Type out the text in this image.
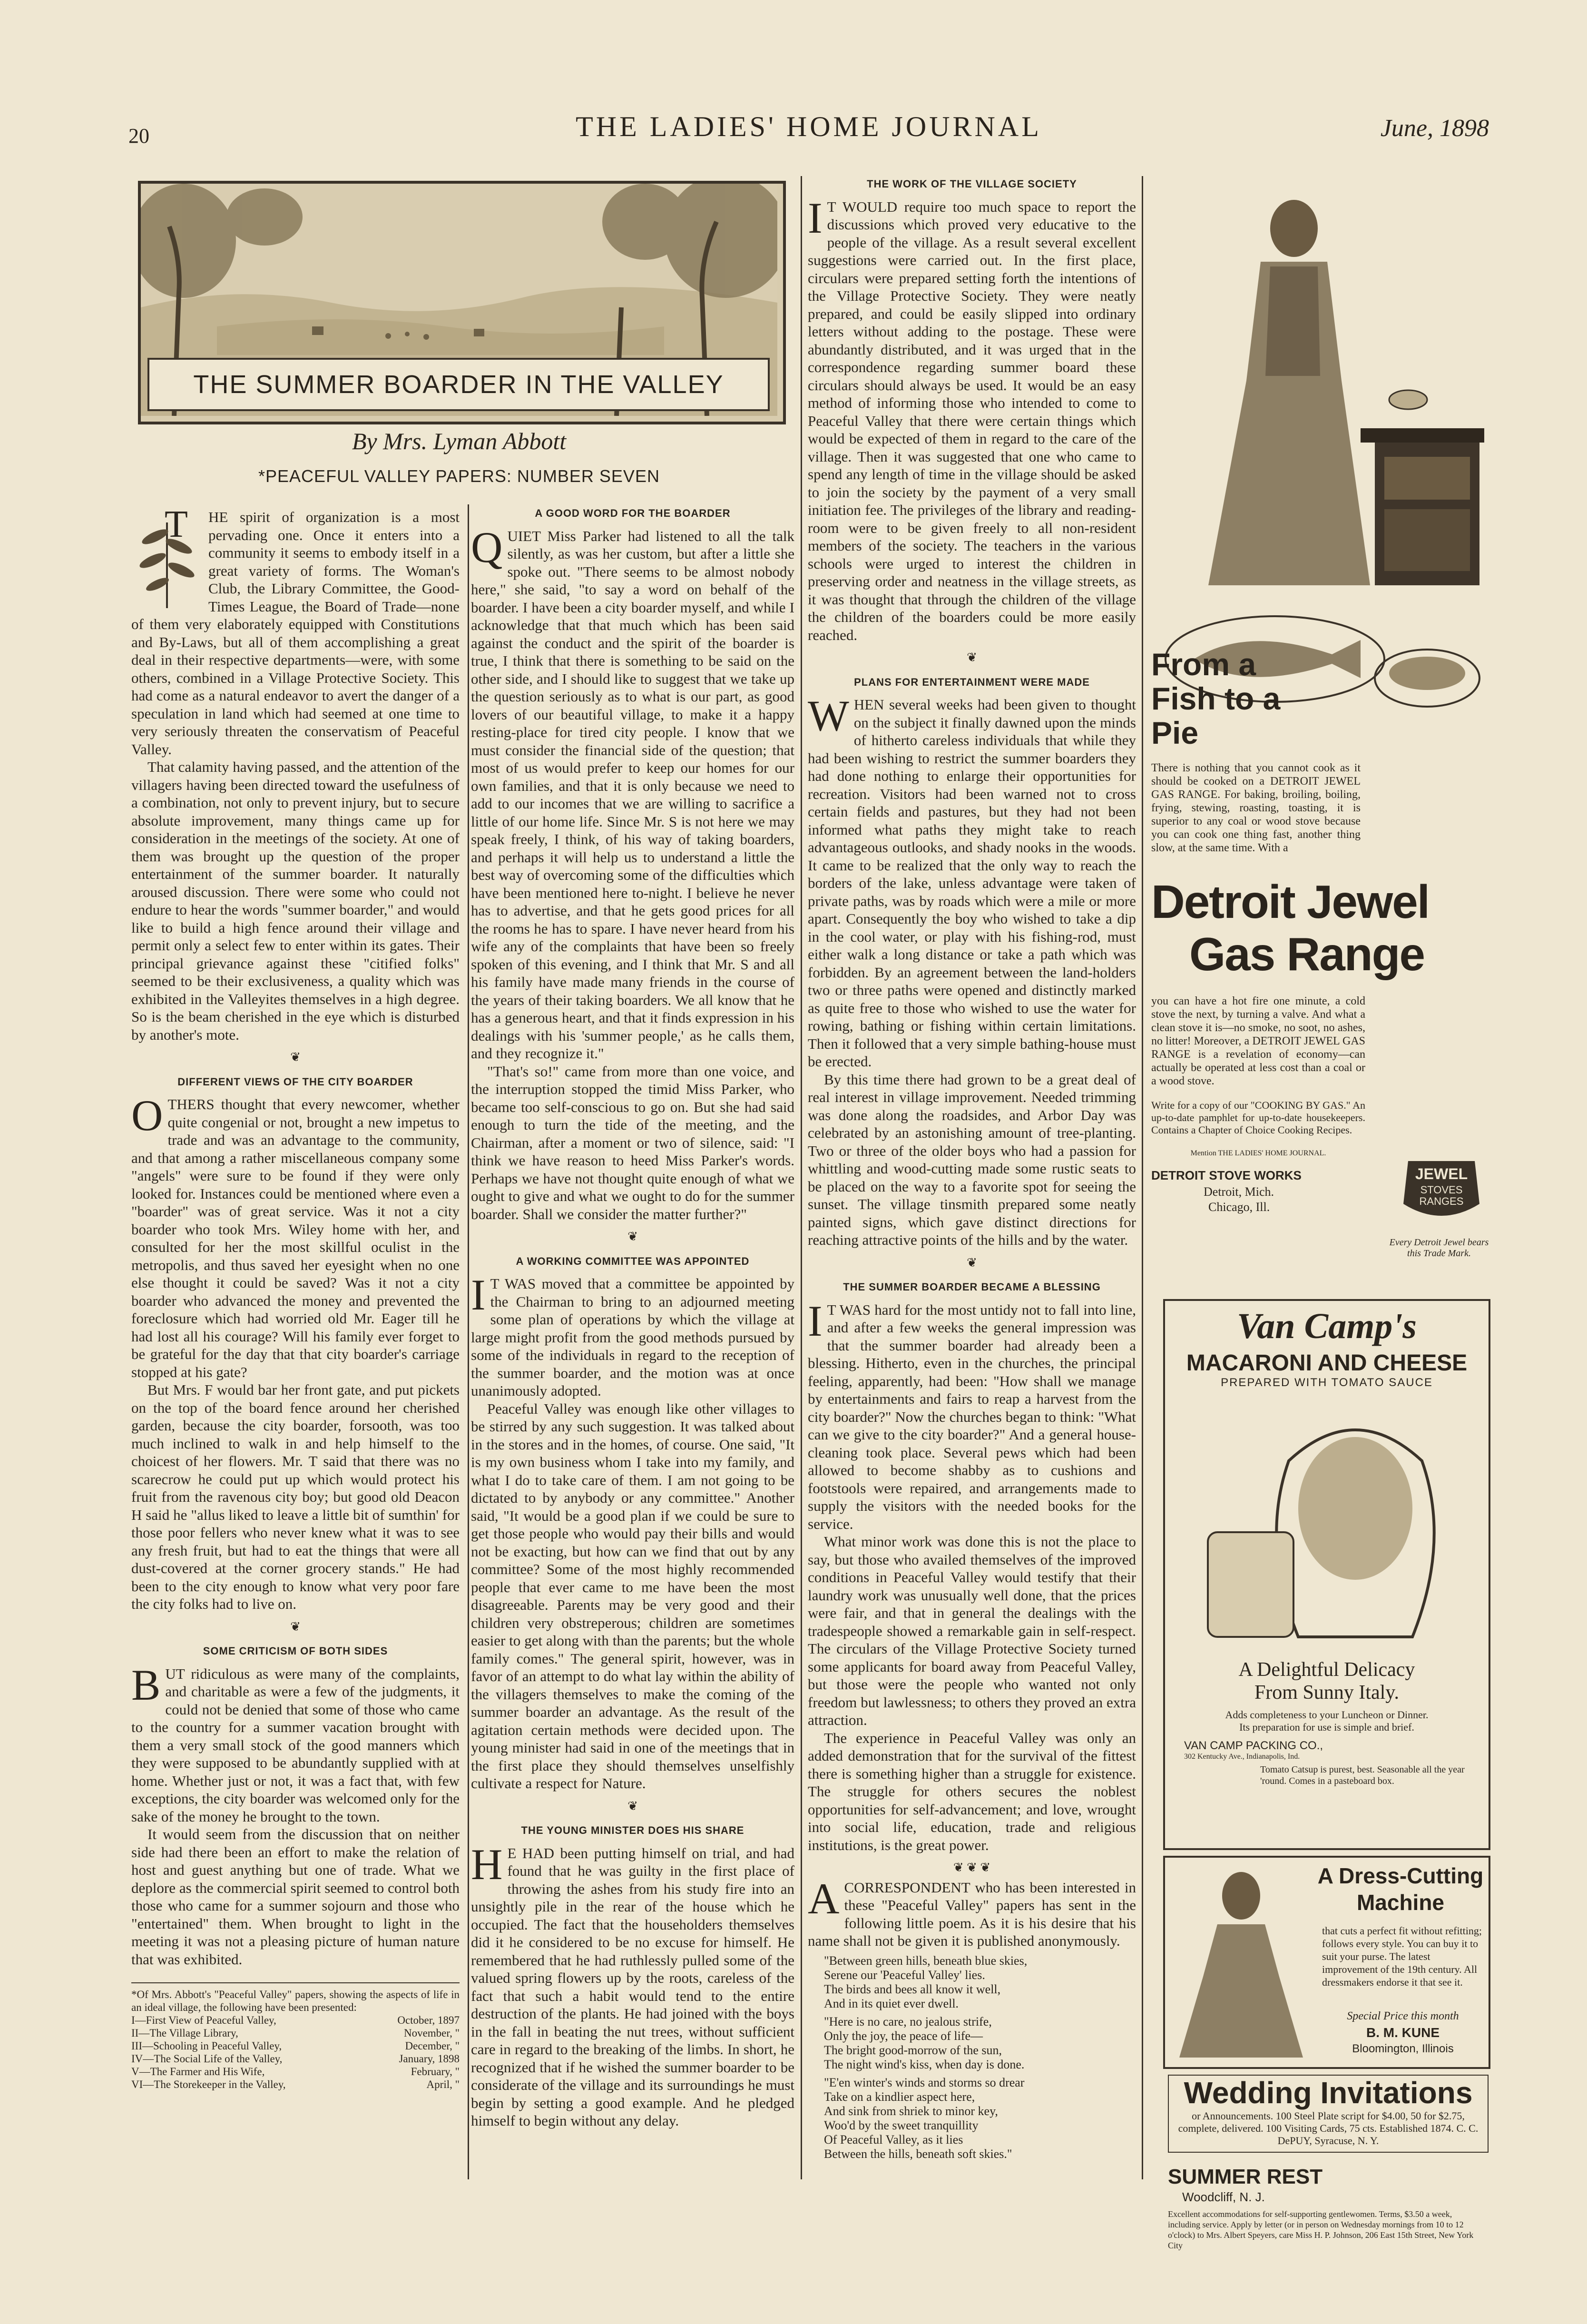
20	THE LADIES' HOME JOURNAL	June, 1898
THE SUMMER BOARDER IN THE VALLEY
By Mrs. Lyman Abbott
*PEACEFUL VALLEY PAPERS: NUMBER SEVEN
T	HE spirit of organization is a most pervading one. Once it enters into a community it seems to embody itself in a great variety of forms. The Woman's Club, the Library Committee, the Good-Times League, the Board of Trade—none of them very elaborately equipped with Constitutions and By-Laws, but all of them accomplishing a great deal in their respective departments—were, with some others, combined in a Village Protective Society. This had come as a natural endeavor to avert the danger of a speculation in land which had seemed at one time to very seriously threaten the conservatism of Peaceful Valley.

That calamity having passed, and the attention of the villagers having been directed toward the usefulness of a combination, not only to prevent injury, but to secure absolute improvement, many things came up for consideration in the meetings of the society. At one of them was brought up the question of the proper entertainment of the summer boarder. It naturally aroused discussion. There were some who could not endure to hear the words "summer boarder," and would like to build a high fence around their village and permit only a select few to enter within its gates. Their principal grievance against these "citified folks" seemed to be their exclusiveness, a quality which was exhibited in the Valleyites themselves in a high degree. So is the beam cherished in the eye which is disturbed by another's mote.

❦
DIFFERENT VIEWS OF THE CITY BOARDER

OTHERS thought that every newcomer, whether quite congenial or not, brought a new impetus to trade and was an advantage to the community, and that among a rather miscellaneous company some "angels" were sure to be found if they were only looked for. Instances could be mentioned where even a "boarder" was of great service. Was it not a city boarder who took Mrs. Wiley home with her, and consulted for her the most skillful oculist in the metropolis, and thus saved her eyesight when no one else thought it could be saved? Was it not a city boarder who advanced the money and prevented the foreclosure which had worried old Mr. Eager till he had lost all his courage? Will his family ever forget to be grateful for the day that that city boarder's carriage stopped at his gate?

But Mrs. F would bar her front gate, and put pickets on the top of the board fence around her cherished garden, because the city boarder, forsooth, was too much inclined to walk in and help himself to the choicest of her flowers. Mr. T said that there was no scarecrow he could put up which would protect his fruit from the ravenous city boy; but good old Deacon H said he "allus liked to leave a little bit of sumthin' for those poor fellers who never knew what it was to see any fresh fruit, but had to eat the things that were all dust-covered at the corner grocery stands." He had been to the city enough to know what very poor fare the city folks had to live on.

❦
SOME CRITICISM OF BOTH SIDES

BUT ridiculous as were many of the complaints, and charitable as were a few of the judgments, it could not be denied that some of those who came to the country for a summer vacation brought with them a very small stock of the good manners which they were supposed to be abundantly supplied with at home. Whether just or not, it was a fact that, with few exceptions, the city boarder was welcomed only for the sake of the money he brought to the town.

It would seem from the discussion that on neither side had there been an effort to make the relation of host and guest anything but one of trade. What we deplore as the commercial spirit seemed to control both those who came for a summer sojourn and those who "entertained" them. When brought to light in the meeting it was not a pleasing picture of human nature that was exhibited.

*Of Mrs. Abbott's "Peaceful Valley" papers, showing the aspects of life in an ideal village, the following have been presented:
I—First View of Peaceful Valley,	October, 1897
II—The Village Library,	November, "
III—Schooling in Peaceful Valley,	December, "
IV—The Social Life of the Valley,	January, 1898
V—The Farmer and His Wife,	February, "
VI—The Storekeeper in the Valley,	April, "
A GOOD WORD FOR THE BOARDER

QUIET Miss Parker had listened to all the talk silently, as was her custom, but after a little she spoke out. "There seems to be almost nobody here," she said, "to say a word on behalf of the boarder. I have been a city boarder myself, and while I acknowledge that that much which has been said against the conduct and the spirit of the boarder is true, I think that there is something to be said on the other side, and I should like to suggest that we take up the question seriously as to what is our part, as good lovers of our beautiful village, to make it a happy resting-place for tired city people. I know that we must consider the financial side of the question; that most of us would prefer to keep our homes for our own families, and that it is only because we need to add to our incomes that we are willing to sacrifice a little of our home life. Since Mr. S is not here we may speak freely, I think, of his way of taking boarders, and perhaps it will help us to understand a little the best way of overcoming some of the difficulties which have been mentioned here to-night. I believe he never has to advertise, and that he gets good prices for all the rooms he has to spare. I have never heard from his wife any of the complaints that have been so freely spoken of this evening, and I think that Mr. S and all his family have made many friends in the course of the years of their taking boarders. We all know that he has a generous heart, and that it finds expression in his dealings with his 'summer people,' as he calls them, and they recognize it."

"That's so!" came from more than one voice, and the interruption stopped the timid Miss Parker, who became too self-conscious to go on. But she had said enough to turn the tide of the meeting, and the Chairman, after a moment or two of silence, said: "I think we have reason to heed Miss Parker's words. Perhaps we have not thought quite enough of what we ought to give and what we ought to do for the summer boarder. Shall we consider the matter further?"

❦
A WORKING COMMITTEE WAS APPOINTED

I T WAS moved that a committee be appointed by the Chairman to bring to an adjourned meeting some plan of operations by which the village at large might profit from the good methods pursued by some of the individuals in regard to the reception of the summer boarder, and the motion was at once unanimously adopted.

Peaceful Valley was enough like other villages to be stirred by any such suggestion. It was talked about in the stores and in the homes, of course. One said, "It is my own business whom I take into my family, and what I do to take care of them. I am not going to be dictated to by anybody or any committee." Another said, "It would be a good plan if we could be sure to get those people who would pay their bills and would not be exacting, but how can we find that out by any committee? Some of the most highly recommended people that ever came to me have been the most disagreeable. Parents may be very good and their children very obstreperous; children are sometimes easier to get along with than the parents; but the whole family comes." The general spirit, however, was in favor of an attempt to do what lay within the ability of the villagers themselves to make the coming of the summer boarder an advantage. As the result of the agitation certain methods were decided upon. The young minister had said in one of the meetings that in the first place they should themselves unselfishly cultivate a respect for Nature.

❦
THE YOUNG MINISTER DOES HIS SHARE

H E HAD been putting himself on trial, and had found that he was guilty in the first place of throwing the ashes from his study fire into an unsightly pile in the rear of the house which he occupied. The fact that the householders themselves did it he considered to be no excuse for himself. He remembered that he had ruthlessly pulled some of the valued spring flowers up by the roots, careless of the fact that such a habit would tend to the entire destruction of the plants. He had joined with the boys in the fall in beating the nut trees, without sufficient care in regard to the breaking of the limbs. In short, he recognized that if he wished the summer boarder to be considerate of the village and its surroundings he must begin by setting a good example. And he pledged himself to begin without any delay.

THE WORK OF THE VILLAGE SOCIETY

I T WOULD require too much space to report the discussions which proved very educative to the people of the village. As a result several excellent suggestions were carried out. In the first place, circulars were prepared setting forth the intentions of the Village Protective Society. They were neatly prepared, and could be easily slipped into ordinary letters without adding to the postage. These were abundantly distributed, and it was urged that in the correspondence regarding summer board these circulars should always be used. It would be an easy method of informing those who intended to come to Peaceful Valley that there were certain things which would be expected of them in regard to the care of the village. Then it was suggested that one who came to spend any length of time in the village should be asked to join the society by the payment of a very small initiation fee. The privileges of the library and reading-room were to be given freely to all non-resident members of the society. The teachers in the various schools were urged to interest the children in preserving order and neatness in the village streets, as it was thought that through the children of the village the children of the boarders could be more easily reached.

❦
PLANS FOR ENTERTAINMENT WERE MADE

WHEN several weeks had been given to thought on the subject it finally dawned upon the minds of hitherto careless individuals that while they had been wishing to restrict the summer boarders they had done nothing to enlarge their opportunities for recreation. Visitors had been warned not to cross certain fields and pastures, but they had not been informed what paths they might take to reach advantageous outlooks, and shady nooks in the woods. It came to be realized that the only way to reach the borders of the lake, unless advantage were taken of private paths, was by roads which were a mile or more apart. Consequently the boy who wished to take a dip in the cool water, or play with his fishing-rod, must either walk a long distance or take a path which was forbidden. By an agreement between the land-holders two or three paths were opened and distinctly marked as quite free to those who wished to use the water for rowing, bathing or fishing within certain limitations. Then it followed that a very simple bathing-house must be erected.

By this time there had grown to be a great deal of real interest in village improvement. Needed trimming was done along the roadsides, and Arbor Day was celebrated by an astonishing amount of tree-planting. Two or three of the older boys who had a passion for whittling and wood-cutting made some rustic seats to be placed on the way to a favorite spot for seeing the sunset. The village tinsmith prepared some neatly painted signs, which gave distinct directions for reaching attractive points of the hills and by the water.

❦
THE SUMMER BOARDER BECAME A BLESSING

I T WAS hard for the most untidy not to fall into line, and after a few weeks the general impression was that the summer boarder had already been a blessing. Hitherto, even in the churches, the principal feeling, apparently, had been: "How shall we manage by entertainments and fairs to reap a harvest from the city boarder?" Now the churches began to think: "What can we give to the city boarder?" And a general house-cleaning took place. Several pews which had been allowed to become shabby as to cushions and footstools were repaired, and arrangements made to supply the visitors with the needed books for the service.

What minor work was done this is not the place to say, but those who availed themselves of the improved conditions in Peaceful Valley would testify that their laundry work was unusually well done, that the prices were fair, and that in general the dealings with the tradespeople showed a remarkable gain in self-respect. The circulars of the Village Protective Society turned some applicants for board away from Peaceful Valley, but those were the people who wanted not only freedom but lawlessness; to others they proved an extra attraction.

The experience in Peaceful Valley was only an added demonstration that for the survival of the fittest there is something higher than a struggle for existence. The struggle for others secures the noblest opportunities for self-advancement; and love, wrought into social life, education, trade and religious institutions, is the great power.

❦ ❦ ❦

ACORRESPONDENT who has been interested in these "Peaceful Valley" papers has sent in the following little poem. As it is his desire that his name shall not be given it is published anonymously.

"Between green hills, beneath blue skies,
Serene our 'Peaceful Valley' lies.
The birds and bees all know it well,
And in its quiet ever dwell.

"Here is no care, no jealous strife,
Only the joy, the peace of life—
The bright good-morrow of the sun,
The night wind's kiss, when day is done.

"E'en winter's winds and storms so drear
Take on a kindlier aspect here,
And sink from shriek to minor key,
Woo'd by the sweet tranquillity
Of Peaceful Valley, as it lies
Between the hills, beneath soft skies."

From a Fish to a Pie
There is nothing that you cannot cook as it should be cooked on a DETROIT JEWEL GAS RANGE. For baking, broiling, boiling, frying, stewing, roasting, toasting, it is superior to any coal or wood stove because you can cook one thing fast, another thing slow, at the same time. With a
Detroit Jewel
Gas Range
you can have a hot fire one minute, a cold stove the next, by turning a valve. And what a clean stove it is—no smoke, no soot, no ashes, no litter! Moreover, a DETROIT JEWEL GAS RANGE is a revelation of economy—can actually be operated at less cost than a coal or a wood stove.
Write for a copy of our "COOKING BY GAS." An up-to-date pamphlet for up-to-date housekeepers. Contains a Chapter of Choice Cooking Recipes.
Mention THE LADIES' HOME JOURNAL.
DETROIT STOVE WORKS
Detroit, Mich.
Chicago, Ill.
JEWEL
STOVES
RANGES
Every Detroit Jewel bears this Trade Mark.
Van Camp's
MACARONI AND CHEESE
PREPARED WITH TOMATO SAUCE
A Delightful Delicacy
From Sunny Italy.
Adds completeness to your Luncheon or Dinner.
Its preparation for use is simple and brief.
VAN CAMP PACKING CO.,
302 Kentucky Ave., Indianapolis, Ind.
Tomato Catsup is purest, best. Seasonable all the year 'round. Comes in a pasteboard box.
A Dress-Cutting
Machine
that cuts a perfect fit without refitting; follows every style. You can buy it to suit your purse. The latest improvement of the 19th century. All dressmakers endorse it that see it.
Special Price this month
B. M. KUNE
Bloomington, Illinois
Wedding Invitations
or Announcements. 100 Steel Plate script for $4.00, 50 for $2.75, complete, delivered. 100 Visiting Cards, 75 cts. Established 1874. C. C. DePUY, Syracuse, N. Y.
SUMMER REST
Woodcliff, N. J.
Excellent accommodations for self-supporting gentlewomen. Terms, $3.50 a week, including service. Apply by letter (or in person on Wednesday mornings from 10 to 12 o'clock) to Mrs. Albert Speyers, care Miss H. P. Johnson, 206 East 15th Street, New York City
